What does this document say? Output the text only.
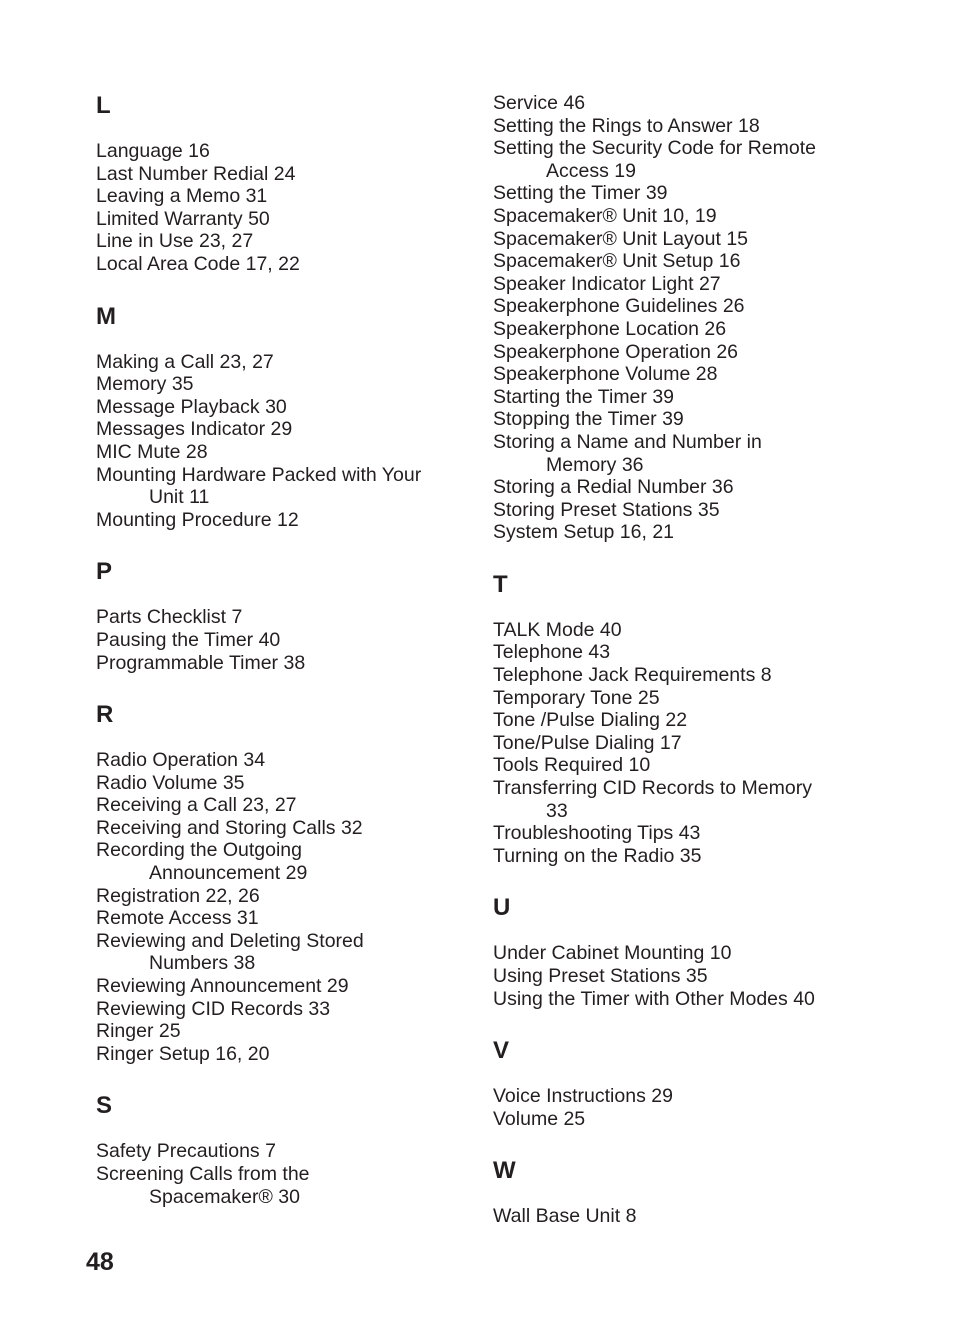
L
Language 16
Last Number Redial 24
Leaving a Memo 31
Limited Warranty 50
Line in Use 23, 27
Local Area Code 17, 22
M
Making a Call 23, 27
Memory 35
Message Playback 30
Messages Indicator 29
MIC Mute 28
Mounting Hardware Packed with Your
Unit 11
Mounting Procedure 12
P
Parts Checklist 7
Pausing the Timer 40
Programmable Timer 38
R
Radio Operation 34
Radio Volume 35
Receiving a Call 23, 27
Receiving and Storing Calls 32
Recording the Outgoing
Announcement 29
Registration 22, 26
Remote Access 31
Reviewing and Deleting Stored
Numbers 38
Reviewing Announcement 29
Reviewing CID Records 33
Ringer 25
Ringer Setup 16, 20
S
Safety Precautions 7
Screening Calls from the
Spacemaker® 30
Service 46
Setting the Rings to Answer 18
Setting the Security Code for Remote
Access 19
Setting the Timer 39
Spacemaker® Unit 10, 19
Spacemaker® Unit Layout 15
Spacemaker® Unit Setup 16
Speaker Indicator Light 27
Speakerphone Guidelines 26
Speakerphone Location 26
Speakerphone Operation 26
Speakerphone Volume 28
Starting the Timer 39
Stopping the Timer 39
Storing a Name and Number in
Memory 36
Storing a Redial Number 36
Storing Preset Stations 35
System Setup 16, 21
T
TALK Mode 40
Telephone 43
Telephone Jack Requirements 8
Temporary Tone 25
Tone /Pulse Dialing 22
Tone/Pulse Dialing 17
Tools Required 10
Transferring CID Records to Memory
33
Troubleshooting Tips 43
Turning on the Radio 35
U
Under Cabinet Mounting 10
Using Preset Stations 35
Using the Timer with Other Modes 40
V
Voice Instructions 29
Volume 25
W
Wall Base Unit 8
48
